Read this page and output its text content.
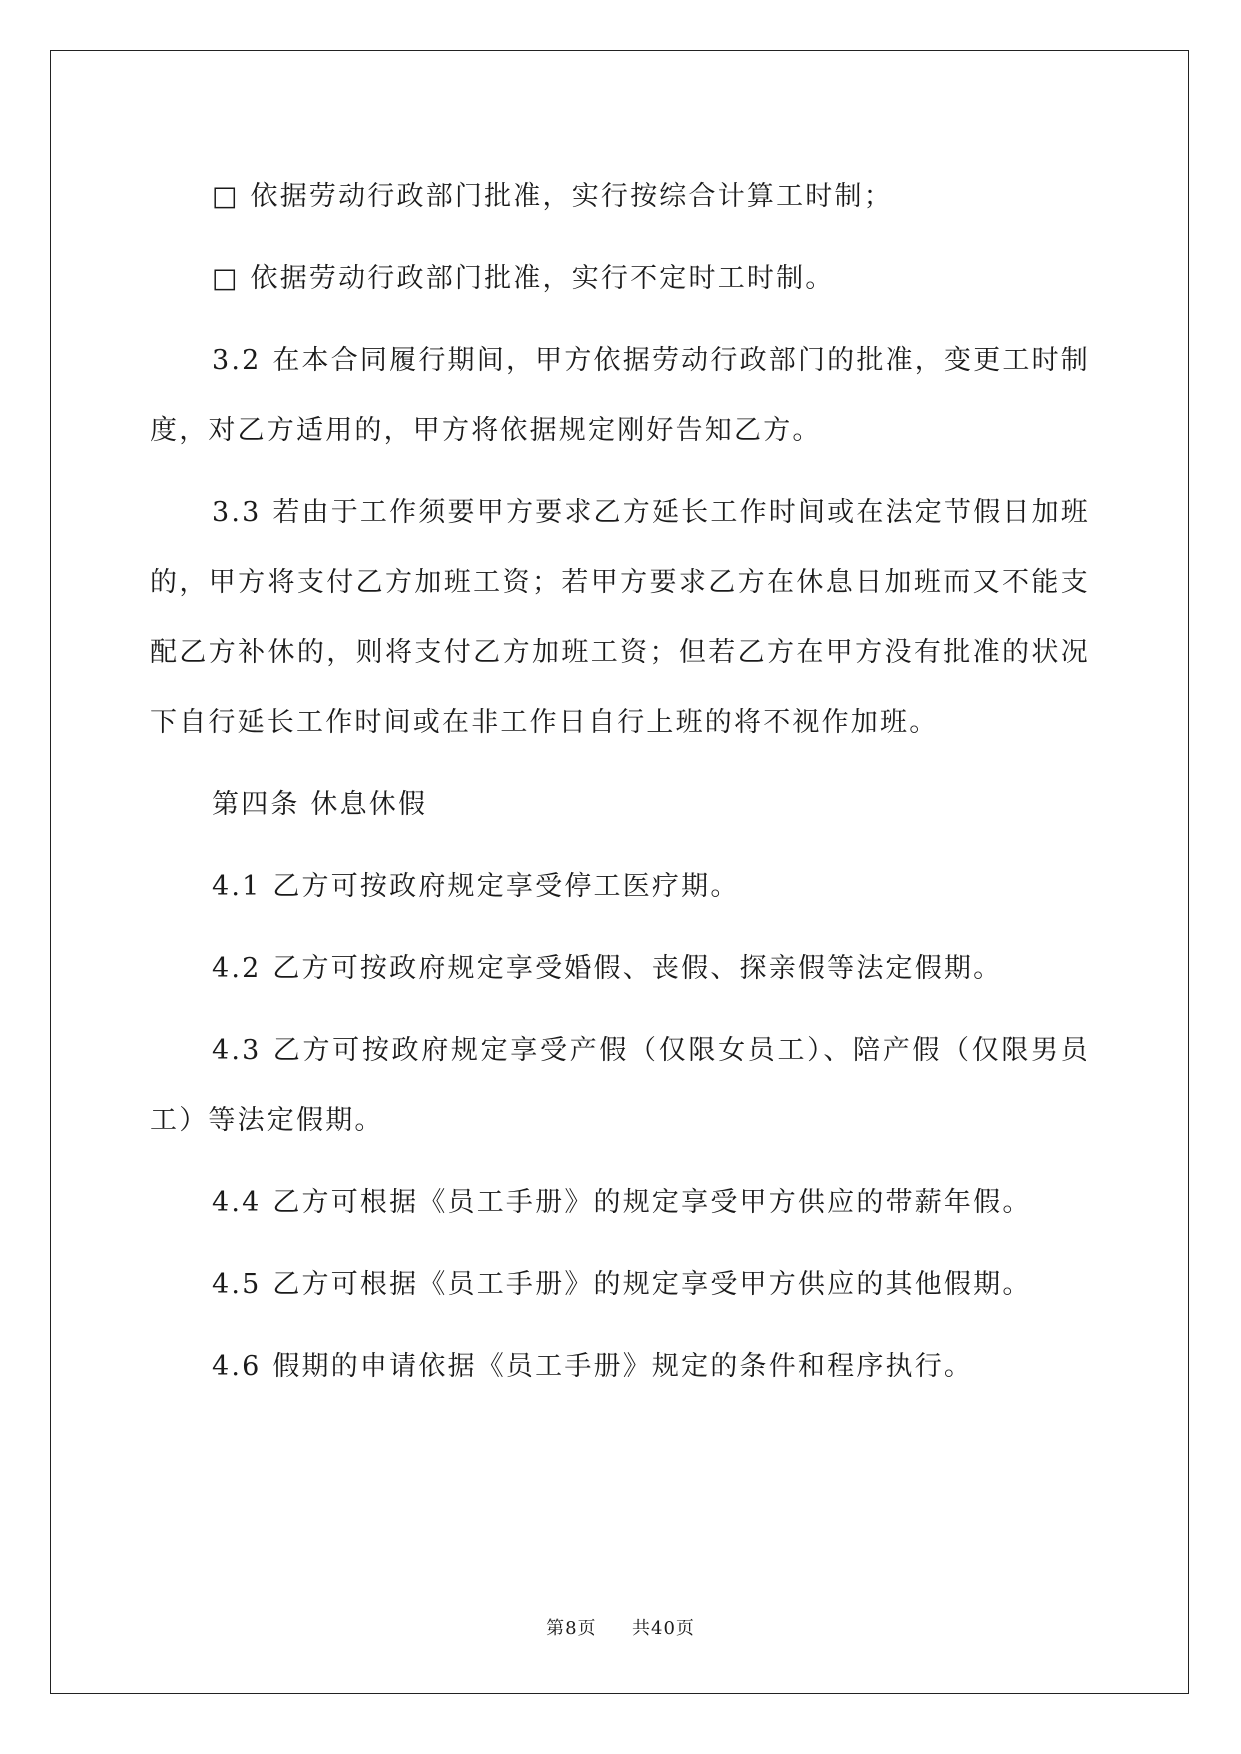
□ 依据劳动行政部门批准，实行按综合计算工时制；

□ 依据劳动行政部门批准，实行不定时工时制。

3.2 在本合同履行期间，甲方依据劳动行政部门的批准，变更工时制度，对乙方适用的，甲方将依据规定刚好告知乙方。

3.3 若由于工作须要甲方要求乙方延长工作时间或在法定节假日加班的，甲方将支付乙方加班工资；若甲方要求乙方在休息日加班而又不能支配乙方补休的，则将支付乙方加班工资；但若乙方在甲方没有批准的状况下自行延长工作时间或在非工作日自行上班的将不视作加班。

第四条 休息休假

4.1 乙方可按政府规定享受停工医疗期。

4.2 乙方可按政府规定享受婚假、丧假、探亲假等法定假期。

4.3 乙方可按政府规定享受产假（仅限女员工）、陪产假（仅限男员工）等法定假期。

4.4 乙方可根据《员工手册》的规定享受甲方供应的带薪年假。

4.5 乙方可根据《员工手册》的规定享受甲方供应的其他假期。

4.6 假期的申请依据《员工手册》规定的条件和程序执行。

第8页 共40页
